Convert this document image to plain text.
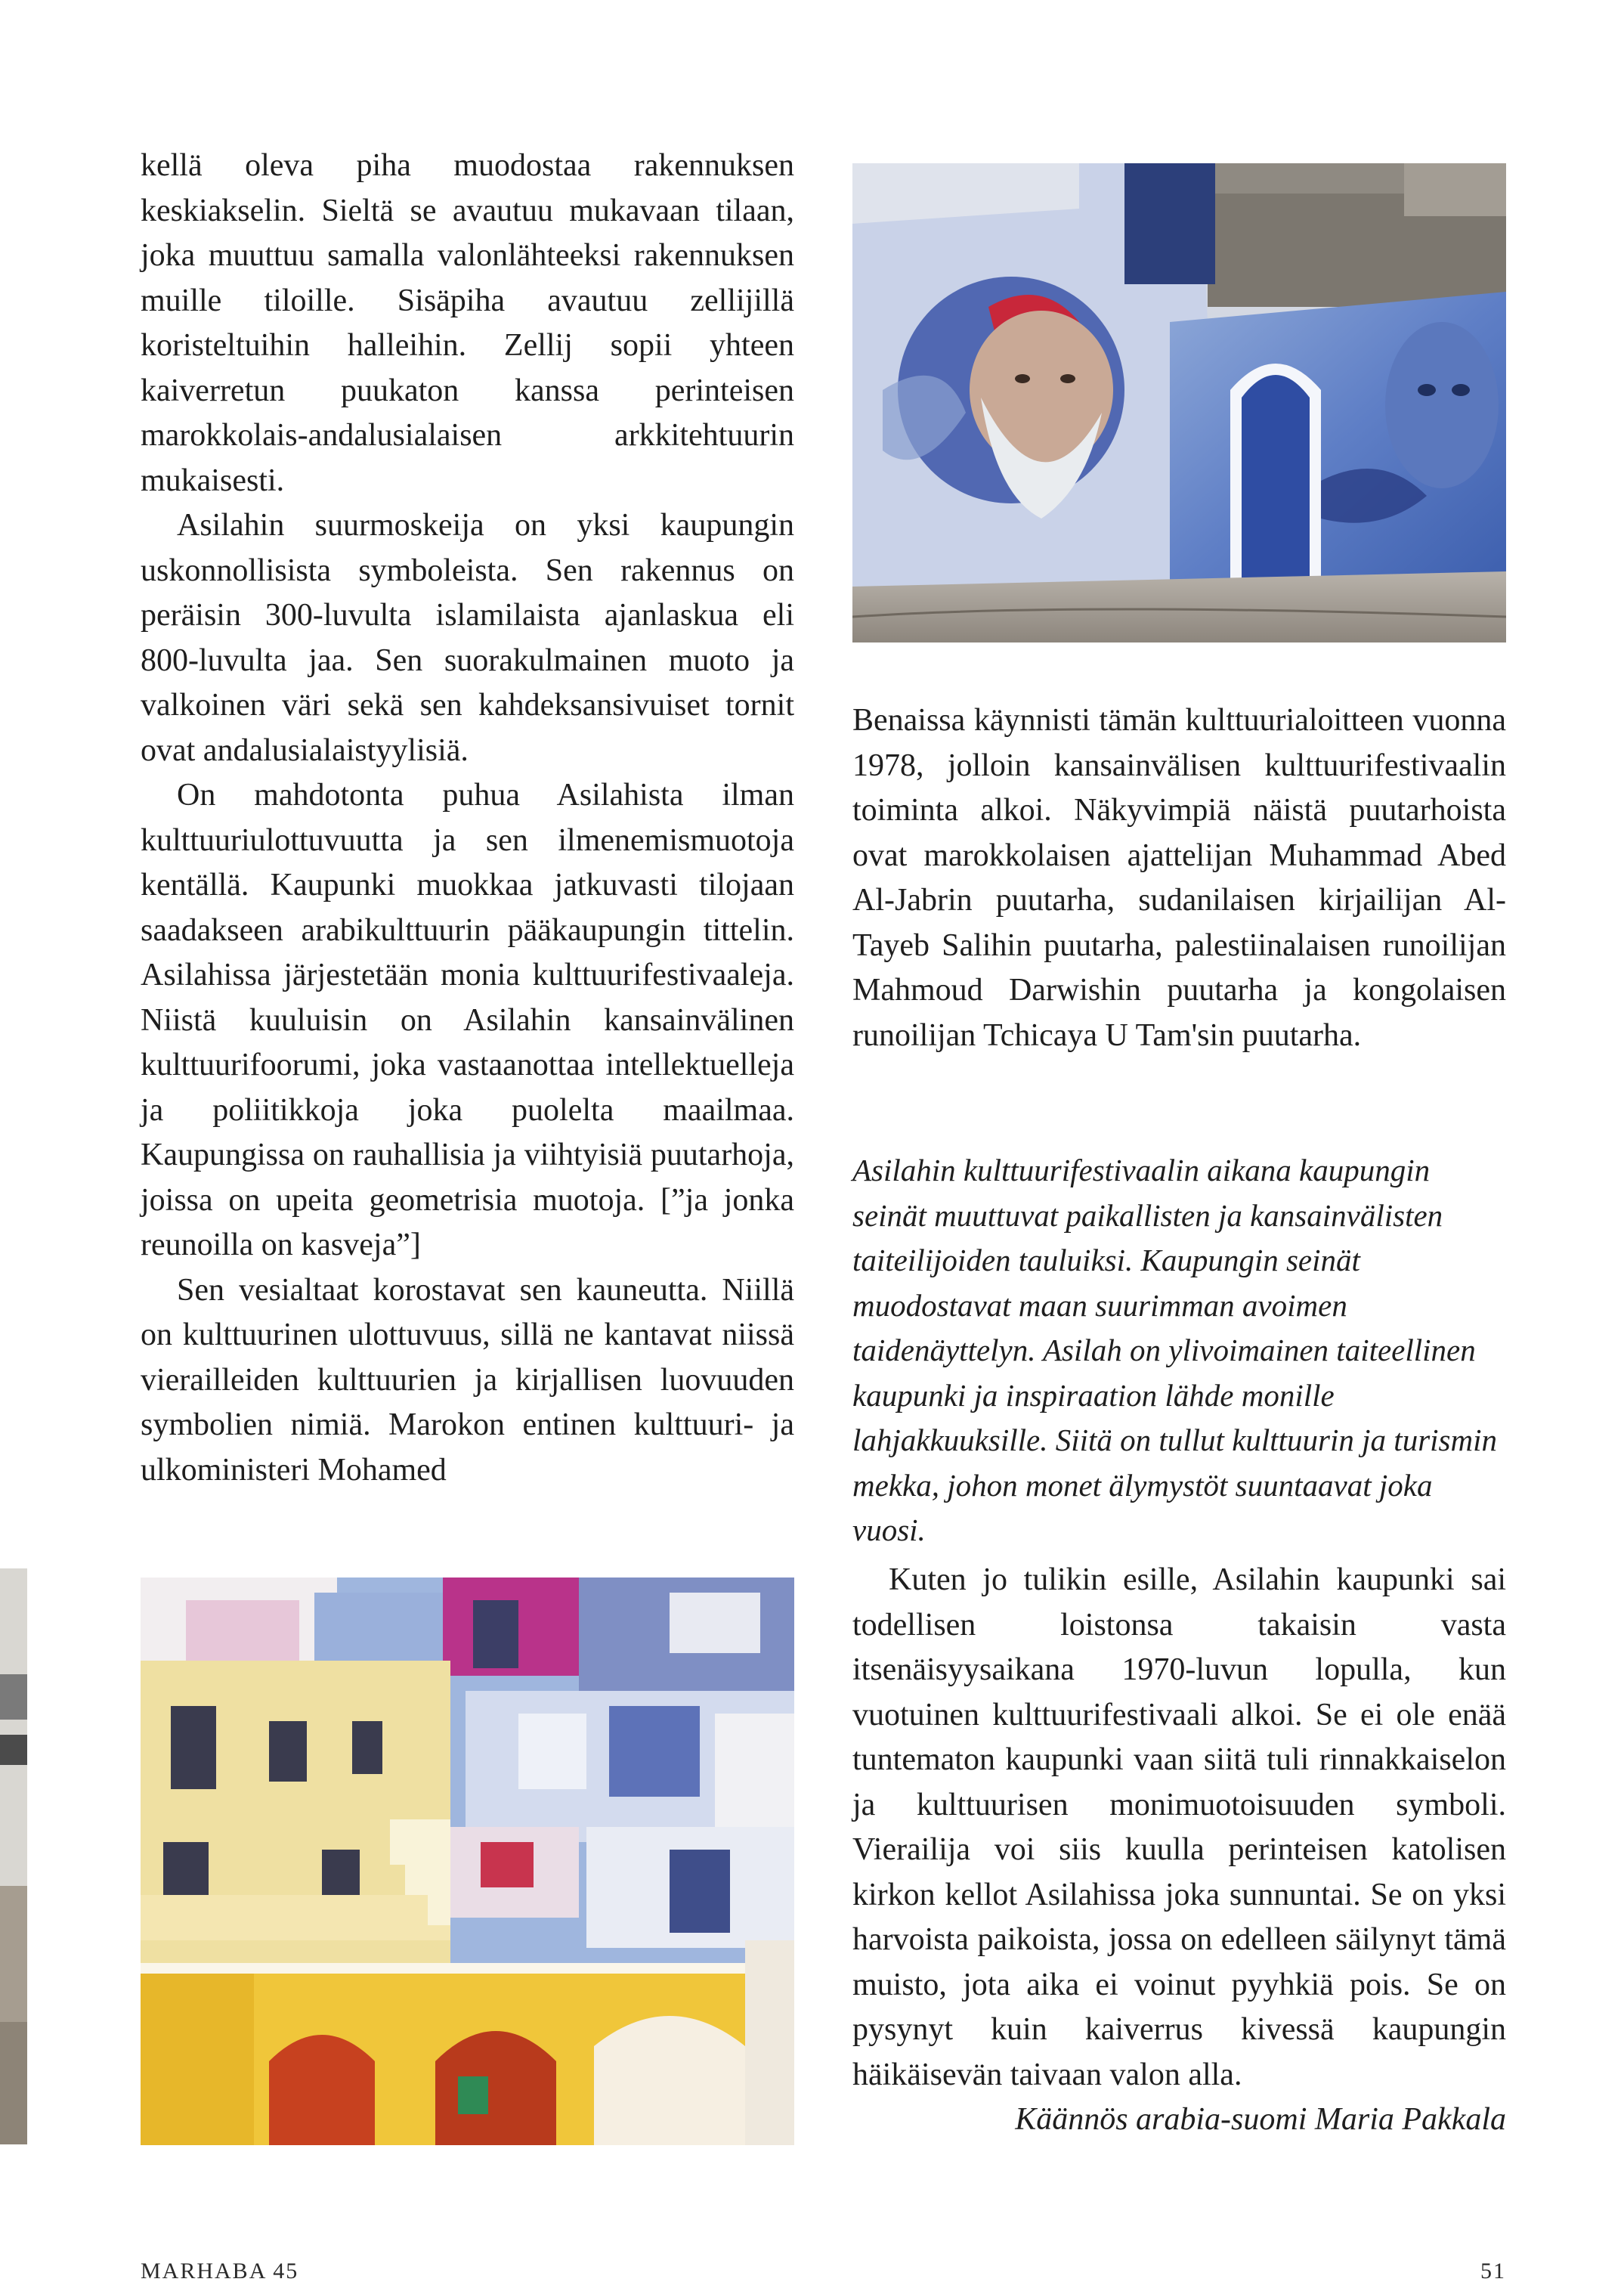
kellä oleva piha muodostaa rakennuksen keskiakselin. Sieltä se avautuu mukavaan tilaan, joka muuttuu samalla valonlähteeksi rakennuksen muille tiloille. Sisäpiha avautuu zellijillä koristeltuihin halleihin. Zellij sopii yhteen kaiverretun puukaton kanssa perinteisen marokkolais-andalusialaisen arkkitehtuurin mukaisesti.

Asilahin suurmoskeija on yksi kaupungin uskonnollisista symboleista. Sen rakennus on peräisin 300-luvulta islamilaista ajanlaskua eli 800-luvulta jaa. Sen suorakulmainen muoto ja valkoinen väri sekä sen kahdeksansivuiset tornit ovat andalusialaistyylisiä.

On mahdotonta puhua Asilahista ilman kulttuuriulottuvuutta ja sen ilmenemismuotoja kentällä. Kaupunki muokkaa jatkuvasti tilojaan saadakseen arabikulttuurin pääkaupungin tittelin. Asilahissa järjestetään monia kulttuurifestivaaleja. Niistä kuuluisin on Asilahin kansainvälinen kulttuurifoorumi, joka vastaanottaa intellektuelleja ja poliitikkoja joka puolelta maailmaa. Kaupungissa on rauhallisia ja viihtyisiä puutarhoja, joissa on upeita geometrisia muotoja. [”ja jonka reunoilla on kasveja”]

Sen vesialtaat korostavat sen kauneutta. Niillä on kulttuurinen ulottuvuus, sillä ne kantavat niissä vierailleiden kulttuurien ja kirjallisen luovuuden symbolien nimiä. Marokon entinen kulttuuri- ja ulkoministeri Mohamed

Benaissa käynnisti tämän kulttuurialoitteen vuonna 1978, jolloin kansainvälisen kulttuurifestivaalin toiminta alkoi. Näkyvimpiä näistä puutarhoista ovat marokkolaisen ajattelijan Muhammad Abed Al-Jabrin puutarha, sudanilaisen kirjailijan Al-Tayeb Salihin puutarha, palestiinalaisen runoilijan Mahmoud Darwishin puutarha ja kongolaisen runoilijan Tchicaya U Tam'sin puutarha.

Asilahin kulttuurifestivaalin aikana kaupungin seinät muuttuvat paikallisten ja kansainvälisten taiteilijoiden tauluiksi. Kaupungin seinät muodostavat maan suurimman avoimen taidenäyttelyn. Asilah on ylivoimainen taiteellinen kaupunki ja inspiraation lähde monille lahjakkuuksille. Siitä on tullut kulttuurin ja turismin mekka, johon monet älymystöt suuntaavat joka vuosi.

Kuten jo tulikin esille, Asilahin kaupunki sai todellisen loistonsa takaisin vasta itsenäisyysaikana 1970-luvun lopulla, kun vuotuinen kulttuurifestivaali alkoi. Se ei ole enää tuntematon kaupunki vaan siitä tuli rinnakkaiselon ja kulttuurisen monimuotoisuuden symboli. Vierailija voi siis kuulla perinteisen katolisen kirkon kellot Asilahissa joka sunnuntai. Se on yksi harvoista paikoista, jossa on edelleen säilynyt tämä muisto, jota aika ei voinut pyyhkiä pois. Se on pysynyt kuin kaiverrus kivessä kaupungin häikäisevän taivaan valon alla.

Käännös arabia-suomi Maria Pakkala

MARHABA 45	51
